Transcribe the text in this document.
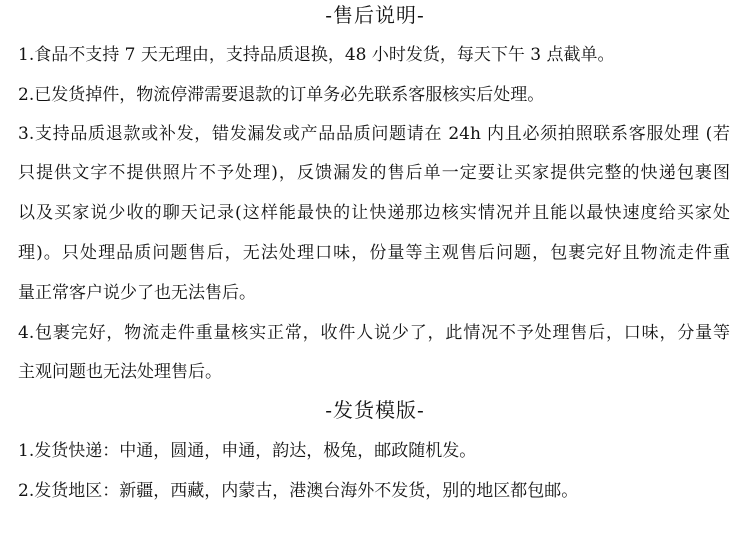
-售后说明-
1.食品不支持 7 天无理由，支持品质退换，48 小时发货，每天下午 3 点截单。
2.已发货掉件，物流停滞需要退款的订单务必先联系客服核实后处理。
3.支持品质退款或补发，错发漏发或产品品质问题请在 24h 内且必须拍照联系客服处理 (若
只提供文字不提供照片不予处理)，反馈漏发的售后单一定要让买家提供完整的快递包裹图
以及买家说少收的聊天记录(这样能最快的让快递那边核实情况并且能以最快速度给买家处
理)。只处理品质问题售后，无法处理口味，份量等主观售后问题，包裹完好且物流走件重
量正常客户说少了也无法售后。
4.包裹完好，物流走件重量核实正常，收件人说少了，此情况不予处理售后，口味，分量等
主观问题也无法处理售后。
-发货模版-
1.发货快递：中通，圆通，申通，韵达，极兔，邮政随机发。
2.发货地区：新疆，西藏，内蒙古，港澳台海外不发货，别的地区都包邮。
